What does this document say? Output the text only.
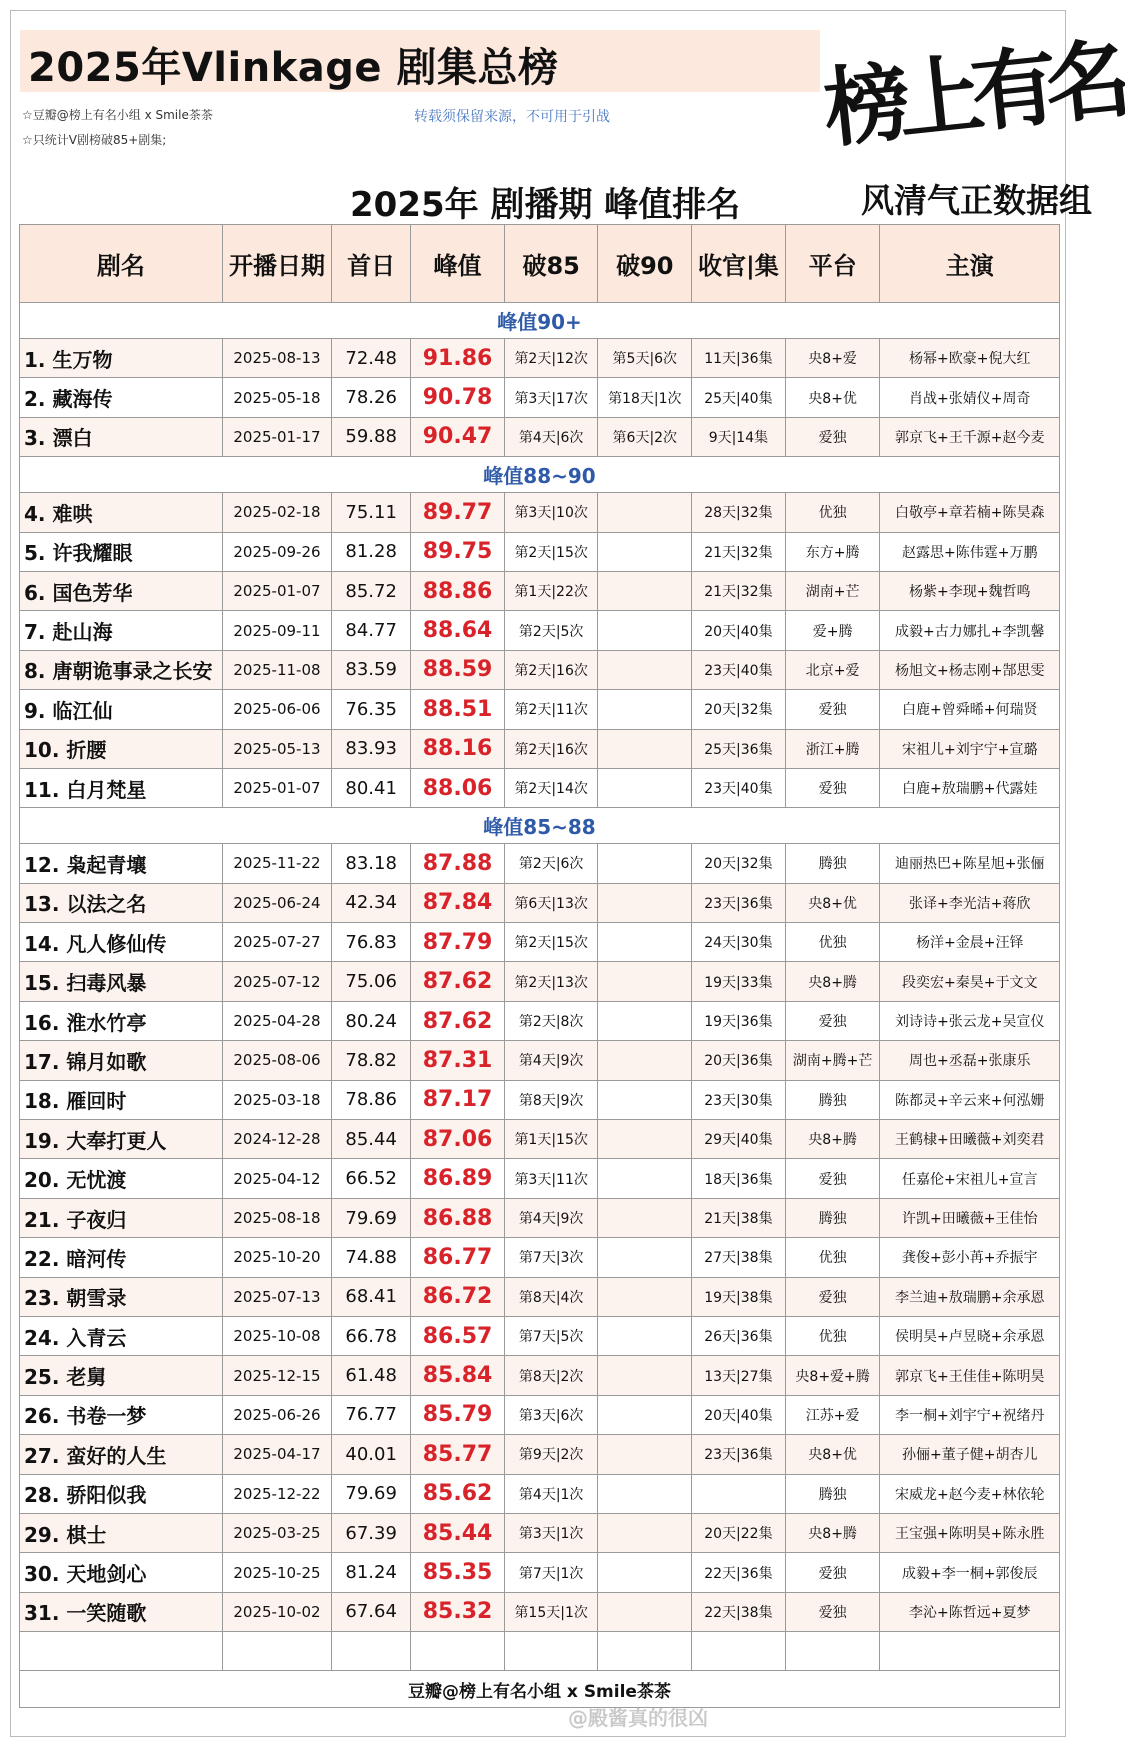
2025年Vlinkage 剧集总榜
☆豆瓣@榜上有名小组 x Smile茶茶
☆只统计V剧榜破85+剧集;
转载须保留来源，不可用于引战 榜上有名
风清气正数据组
2025年 剧播期 峰值排名
剧名	开播日期	首日	峰值	破85	破90	收官|集	平台	主演
峰值90+								
1. 生万物	2025-08-13	72.48	91.86	第2天|12次	第5天|6次	11天|36集	央8+爱	杨幂+欧豪+倪大红
2. 藏海传	2025-05-18	78.26	90.78	第3天|17次	第18天|1次	25天|40集	央8+优	肖战+张婧仪+周奇
3. 漂白	2025-01-17	59.88	90.47	第4天|6次	第6天|2次	9天|14集	爱独	郭京飞+王千源+赵今麦
峰值88~90								
4. 难哄	2025-02-18	75.11	89.77	第3天|10次		28天|32集	优独	白敬亭+章若楠+陈昊森
5. 许我耀眼	2025-09-26	81.28	89.75	第2天|15次		21天|32集	东方+腾	赵露思+陈伟霆+万鹏
6. 国色芳华	2025-01-07	85.72	88.86	第1天|22次		21天|32集	湖南+芒	杨紫+李现+魏哲鸣
7. 赴山海	2025-09-11	84.77	88.64	第2天|5次		20天|40集	爱+腾	成毅+古力娜扎+李凯馨
8. 唐朝诡事录之长安	2025-11-08	83.59	88.59	第2天|16次		23天|40集	北京+爱	杨旭文+杨志刚+郜思雯
9. 临江仙	2025-06-06	76.35	88.51	第2天|11次		20天|32集	爱独	白鹿+曾舜晞+何瑞贤
10. 折腰	2025-05-13	83.93	88.16	第2天|16次		25天|36集	浙江+腾	宋祖儿+刘宇宁+宣璐
11. 白月梵星	2025-01-07	80.41	88.06	第2天|14次		23天|40集	爱独	白鹿+敖瑞鹏+代露娃
峰值85~88								
12. 枭起青壤	2025-11-22	83.18	87.88	第2天|6次		20天|32集	腾独	迪丽热巴+陈星旭+张俪
13. 以法之名	2025-06-24	42.34	87.84	第6天|13次		23天|36集	央8+优	张译+李光洁+蒋欣
14. 凡人修仙传	2025-07-27	76.83	87.79	第2天|15次		24天|30集	优独	杨洋+金晨+汪铎
15. 扫毒风暴	2025-07-12	75.06	87.62	第2天|13次		19天|33集	央8+腾	段奕宏+秦昊+于文文
16. 淮水竹亭	2025-04-28	80.24	87.62	第2天|8次		19天|36集	爱独	刘诗诗+张云龙+吴宣仪
17. 锦月如歌	2025-08-06	78.82	87.31	第4天|9次		20天|36集	湖南+腾+芒	周也+丞磊+张康乐
18. 雁回时	2025-03-18	78.86	87.17	第8天|9次		23天|30集	腾独	陈都灵+辛云来+何泓姗
19. 大奉打更人	2024-12-28	85.44	87.06	第1天|15次		29天|40集	央8+腾	王鹤棣+田曦薇+刘奕君
20. 无忧渡	2025-04-12	66.52	86.89	第3天|11次		18天|36集	爱独	任嘉伦+宋祖儿+宣言
21. 子夜归	2025-08-18	79.69	86.88	第4天|9次		21天|38集	腾独	许凯+田曦薇+王佳怡
22. 暗河传	2025-10-20	74.88	86.77	第7天|3次		27天|38集	优独	龚俊+彭小苒+乔振宇
23. 朝雪录	2025-07-13	68.41	86.72	第8天|4次		19天|38集	爱独	李兰迪+敖瑞鹏+余承恩
24. 入青云	2025-10-08	66.78	86.57	第7天|5次		26天|36集	优独	侯明昊+卢昱晓+余承恩
25. 老舅	2025-12-15	61.48	85.84	第8天|2次		13天|27集	央8+爱+腾	郭京飞+王佳佳+陈明昊
26. 书卷一梦	2025-06-26	76.77	85.79	第3天|6次		20天|40集	江苏+爱	李一桐+刘宇宁+祝绪丹
27. 蛮好的人生	2025-04-17	40.01	85.77	第9天|2次		23天|36集	央8+优	孙俪+董子健+胡杏儿
28. 骄阳似我	2025-12-22	79.69	85.62	第4天|1次			腾独	宋威龙+赵今麦+林依轮
29. 棋士	2025-03-25	67.39	85.44	第3天|1次		20天|22集	央8+腾	王宝强+陈明昊+陈永胜
30. 天地剑心	2025-10-25	81.24	85.35	第7天|1次		22天|36集	爱独	成毅+李一桐+郭俊辰
31. 一笑随歌	2025-10-02	67.64	85.32	第15天|1次		22天|38集	爱独	李沁+陈哲远+夏梦

豆瓣@榜上有名小组 x Smile茶茶								
@殿酱真的很凶
